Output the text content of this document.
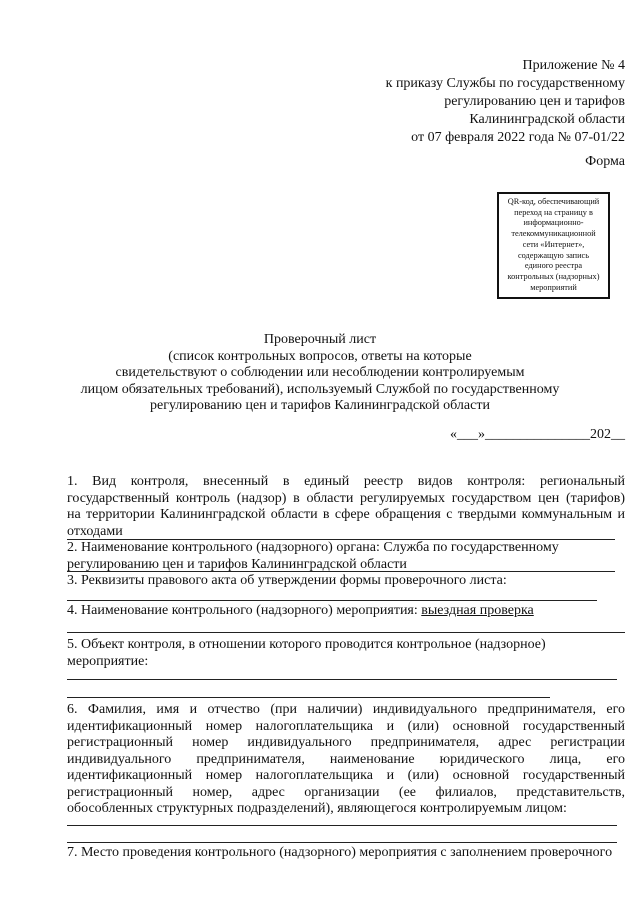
Приложение № 4
к приказу Службы по государственному
регулированию цен и тарифов
Калининградской области
от 07 февраля 2022 года № 07-01/22
Форма
QR-код, обеспечивающий
переход на страницу в
информационно-
телекоммуникационной
сети «Интернет»,
содержащую запись
единого реестра
контрольных (надзорных)
мероприятий
Проверочный лист
(список контрольных вопросов, ответы на которые
свидетельствуют о соблюдении или несоблюдении контролируемым
лицом обязательных требований), используемый Службой по государственному
регулированию цен и тарифов Калининградской области
«___»_______________202__
1. Вид контроля, внесенный в единый реестр видов контроля: региональный
государственный контроль (надзор) в области регулируемых государством цен (тарифов)
на территории Калининградской области в сфере обращения с твердыми коммунальным и
отходами
2. Наименование контрольного (надзорного) органа: Служба по государственному
регулированию цен и тарифов Калининградской области
3. Реквизиты правового акта об утверждении формы проверочного листа:
4. Наименование контрольного (надзорного) мероприятия: выездная проверка
5. Объект контроля, в отношении которого проводится контрольное (надзорное)
мероприятие:
6. Фамилия, имя и отчество (при наличии) индивидуального предпринимателя, его
идентификационный номер налогоплательщика и (или) основной государственный
регистрационный номер индивидуального предпринимателя, адрес регистрации
индивидуального предпринимателя, наименование юридического лица, его
идентификационный номер налогоплательщика и (или) основной государственный
регистрационный номер, адрес организации (ее филиалов, представительств,
обособленных структурных подразделений), являющегося контролируемым лицом:
7. Место проведения контрольного (надзорного) мероприятия с заполнением проверочного
